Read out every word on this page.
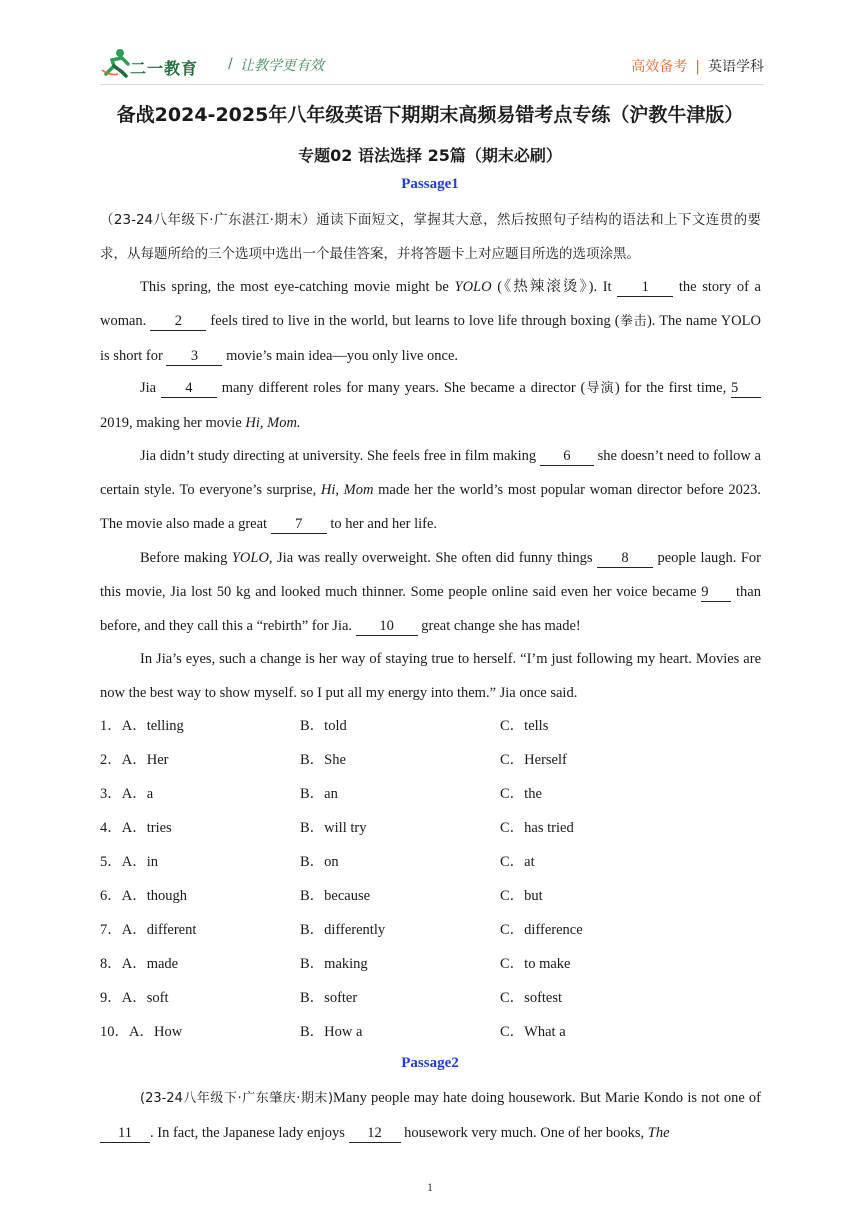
二一教育 / 让教学更有效	高效备考 | 英语学科
备战2024-2025年八年级英语下期期末高频易错考点专练（沪教牛津版）
专题02 语法选择 25篇（期末必刷）
Passage1
（23-24八年级下·广东湛江·期末）通读下面短文，掌握其大意，然后按照句子结构的语法和上下文连贯的要求，从每题所给的三个选项中选出一个最佳答案，并将答题卡上对应题目所选的选项涂黑。
This spring, the most eye-catching movie might be YOLO (《热辣滚烫》). It 1 the story of a woman. 2 feels tired to live in the world, but learns to love life through boxing (拳击). The name YOLO is short for 3 movie’s main idea—you only live once.
Jia 4 many different roles for many years. She became a director (导演) for the first time, 5 2019, making her movie Hi, Mom.
Jia didn’t study directing at university. She feels free in film making 6 she doesn’t need to follow a certain style. To everyone’s surprise, Hi, Mom made her the world’s most popular woman director before 2023. The movie also made a great 7 to her and her life.
Before making YOLO, Jia was really overweight. She often did funny things 8 people laugh. For this movie, Jia lost 50 kg and looked much thinner. Some people online said even her voice became 9 than before, and they call this a “rebirth” for Jia. 10 great change she has made!
In Jia’s eyes, such a change is her way of staying true to herself. “I’m just following my heart. Movies are now the best way to show myself. so I put all my energy into them.” Jia once said.
1．A．telling	B．told	C．tells
2．A．Her	B．She	C．Herself
3．A．a	B．an	C．the
4．A．tries	B．will try	C．has tried
5．A．in	B．on	C．at
6．A．though	B．because	C．but
7．A．different	B．differently	C．difference
8．A．made	B．making	C．to make
9．A．soft	B．softer	C．softest
10．A．How	B．How a	C．What a
Passage2
(23-24八年级下·广东肇庆·期末)Many people may hate doing housework. But Marie Kondo is not one of 11 . In fact, the Japanese lady enjoys 12 housework very much. One of her books, The
1
